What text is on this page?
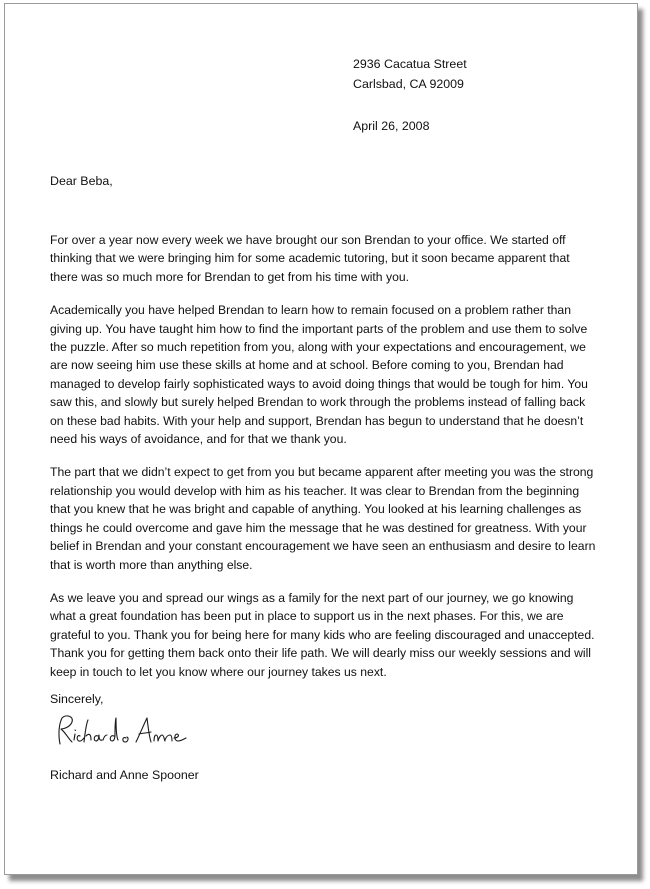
2936 Cacatua Street
Carlsbad, CA 92009
April 26, 2008
Dear Beba,

For over a year now every week we have brought our son Brendan to your office. We started off thinking that we were bringing him for some academic tutoring, but it soon became apparent that there was so much more for Brendan to get from his time with you.

Academically you have helped Brendan to learn how to remain focused on a problem rather than giving up. You have taught him how to find the important parts of the problem and use them to solve the puzzle. After so much repetition from you, along with your expectations and encouragement, we are now seeing him use these skills at home and at school. Before coming to you, Brendan had managed to develop fairly sophisticated ways to avoid doing things that would be tough for him. You saw this, and slowly but surely helped Brendan to work through the problems instead of falling back on these bad habits. With your help and support, Brendan has begun to understand that he doesn’t need his ways of avoidance, and for that we thank you.

The part that we didn’t expect to get from you but became apparent after meeting you was the strong relationship you would develop with him as his teacher. It was clear to Brendan from the beginning that you knew that he was bright and capable of anything. You looked at his learning challenges as things he could overcome and gave him the message that he was destined for greatness. With your belief in Brendan and your constant encouragement we have seen an enthusiasm and desire to learn that is worth more than anything else.

As we leave you and spread our wings as a family for the next part of our journey, we go knowing what a great foundation has been put in place to support us in the next phases. For this, we are grateful to you. Thank you for being here for many kids who are feeling discouraged and unaccepted. Thank you for getting them back onto their life path. We will dearly miss our weekly sessions and will keep in touch to let you know where our journey takes us next.

Sincerely,
Richard and Anne Spooner
